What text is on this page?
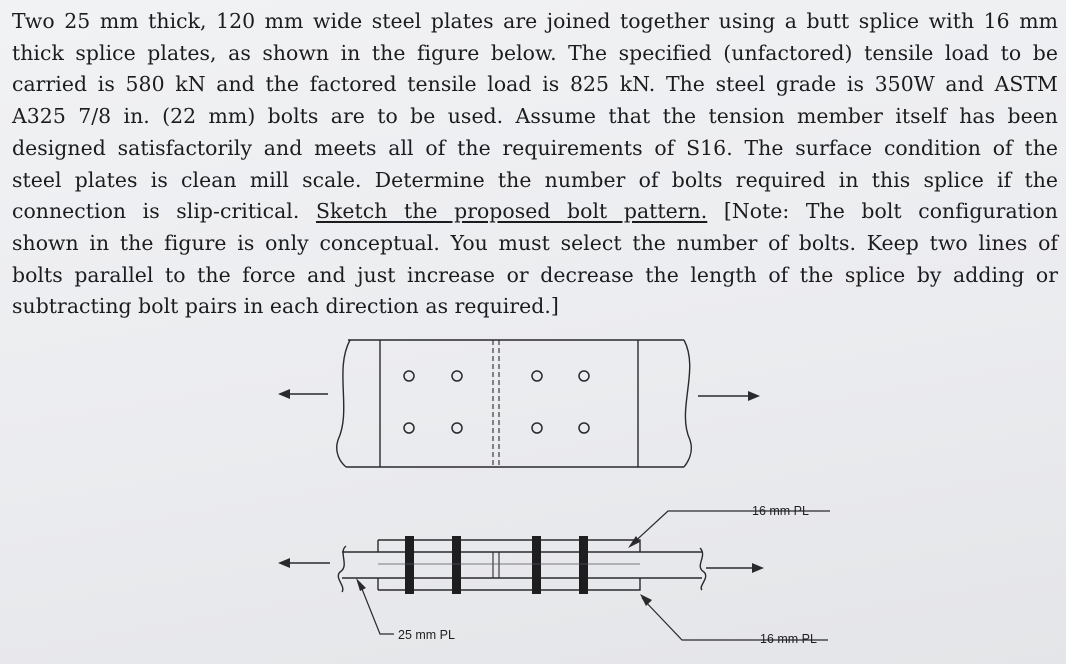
Two 25 mm thick, 120 mm wide steel plates are joined together using a butt splice with 16 mm
thick splice plates, as shown in the figure below. The specified (unfactored) tensile load to be
carried is 580 kN and the factored tensile load is 825 kN. The steel grade is 350W and ASTM
A325 7/8 in. (22 mm) bolts are to be used. Assume that the tension member itself has been
designed satisfactorily and meets all of the requirements of S16. The surface condition of the
steel plates is clean mill scale. Determine the number of bolts required in this splice if the
connection is slip-critical. Sketch the proposed bolt pattern. [Note: The bolt configuration
shown in the figure is only conceptual. You must select the number of bolts. Keep two lines of
bolts parallel to the force and just increase or decrease the length of the splice by adding or
subtracting bolt pairs in each direction as required.]
16 mm PL
25 mm PL	16 mm PL
